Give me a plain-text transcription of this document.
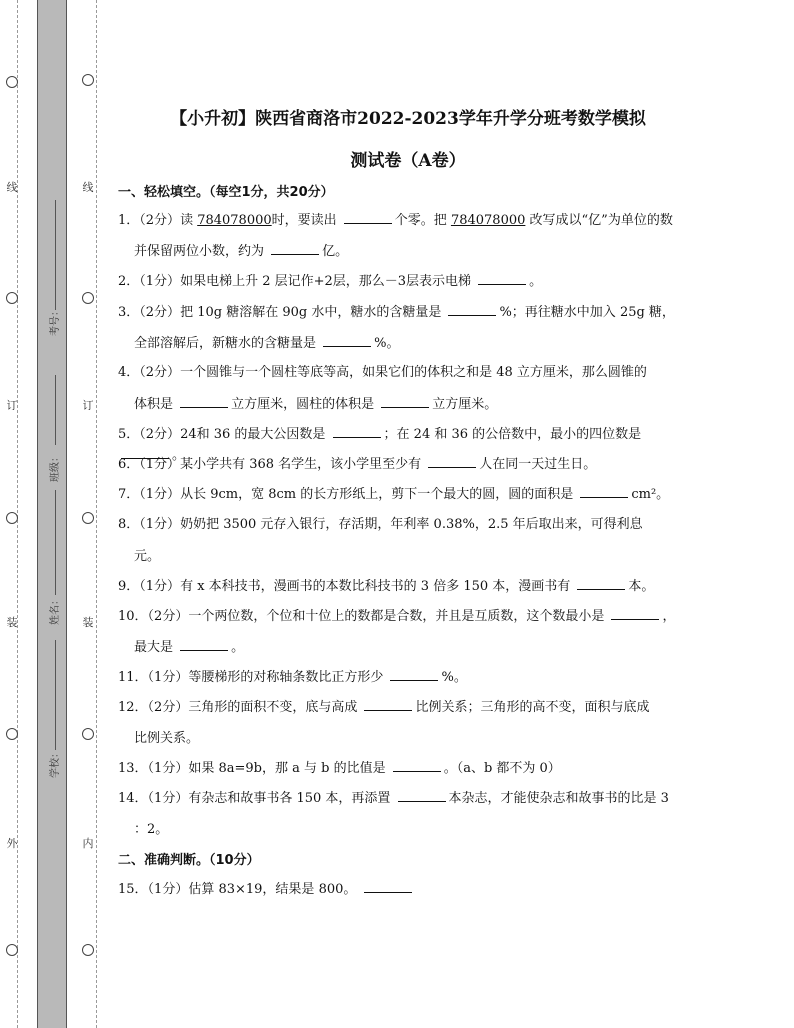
线
订
装
外
线
订
装
内
考号：
班级：
姓名：
学校：
【小升初】陕西省商洛市2022-2023学年升学分班考数学模拟
测试卷（A卷）
一、轻松填空。（每空1分，共20分）
1．（2分）读 784078000时，要读出	个零。把 784078000 改写成以“亿”为单位的数
并保留两位小数，约为	亿。
2．（1分）如果电梯上升 2 层记作+2层，那么－3层表示电梯	。
3．（2分）把 10g 糖溶解在 90g 水中，糖水的含糖量是	%；再往糖水中加入 25g 糖，
全部溶解后，新糖水的含糖量是	%。
4．（2分）一个圆锥与一个圆柱等底等高，如果它们的体积之和是 48 立方厘米，那么圆锥的
体积是	立方厘米，圆柱的体积是	立方厘米。
5．（2分）24和 36 的最大公因数是	；在 24 和 36 的公倍数中，最小的四位数是 。
6．（1分）某小学共有 368 名学生，该小学里至少有	人在同一天过生日。
7．（1分）从长 9cm，宽 8cm 的长方形纸上，剪下一个最大的圆，圆的面积是	cm²。
8．（1分）奶奶把 3500 元存入银行，存活期，年利率 0.38%，2.5 年后取出来，可得利息
元。
9．（1分）有 x 本科技书，漫画书的本数比科技书的 3 倍多 150 本，漫画书有	本。
10．（2分）一个两位数，个位和十位上的数都是合数，并且是互质数，这个数最小是	，
最大是	。
11．（1分）等腰梯形的对称轴条数比正方形少	%。
12．（2分）三角形的面积不变，底与高成	比例关系；三角形的高不变，面积与底成
比例关系。
13．（1分）如果 8a=9b，那 a 与 b 的比值是	。（a、b 都不为 0）
14．（1分）有杂志和故事书各 150 本，再添置	本杂志，才能使杂志和故事书的比是 3
：2。
二、准确判断。（10分）
15．（1分）估算 83×19，结果是 800。
